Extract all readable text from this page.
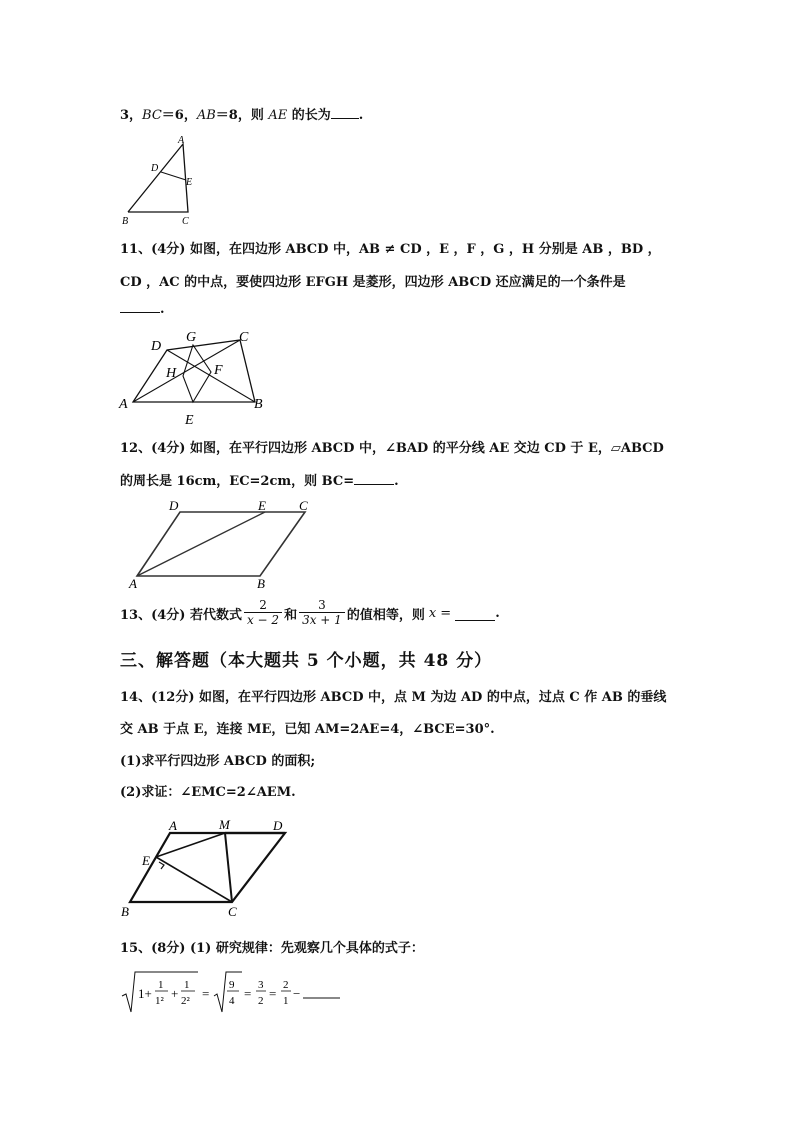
3，BC＝6，AB＝8，则 AE 的长为 .
A
D
E
B	C
11、(4分) 如图，在四边形 ABCD 中，AB ≠ CD ，E ，F ，G ，H 分别是 AB ，BD ，
CD ，AC 的中点，要使四边形 EFGH 是菱形，四边形 ABCD 还应满足的一个条件是
.
D
G	C
H	F
A	B
E
12、(4分) 如图，在平行四边形 ABCD 中，∠BAD 的平分线 AE 交边 CD 于 E，▱ABCD
的周长是 16cm，EC=2cm，则 BC=	.
D	E	C
A	B
13、(4分) 若代数式 $\frac{2}{x - 2}$ 和 $\frac{3}{3x + 1}$ 的值相等，则 x =	.
三、解答题（本大题共 5 个小题，共 48 分）
14、(12分) 如图，在平行四边形 ABCD 中，点 M 为边 AD 的中点，过点 C 作 AB 的垂线
交 AB 于点 E，连接 ME，已知 AM=2AE=4，∠BCE=30°.
(1)求平行四边形 ABCD 的面积;
(2)求证：∠EMC=2∠AEM.
A	M	D
E
B	C
15、(8分) (1) 研究规律：先观察几个具体的式子：
1+
1
1² +
1
2² =
9
4 =
3
2 =
2
1 −
